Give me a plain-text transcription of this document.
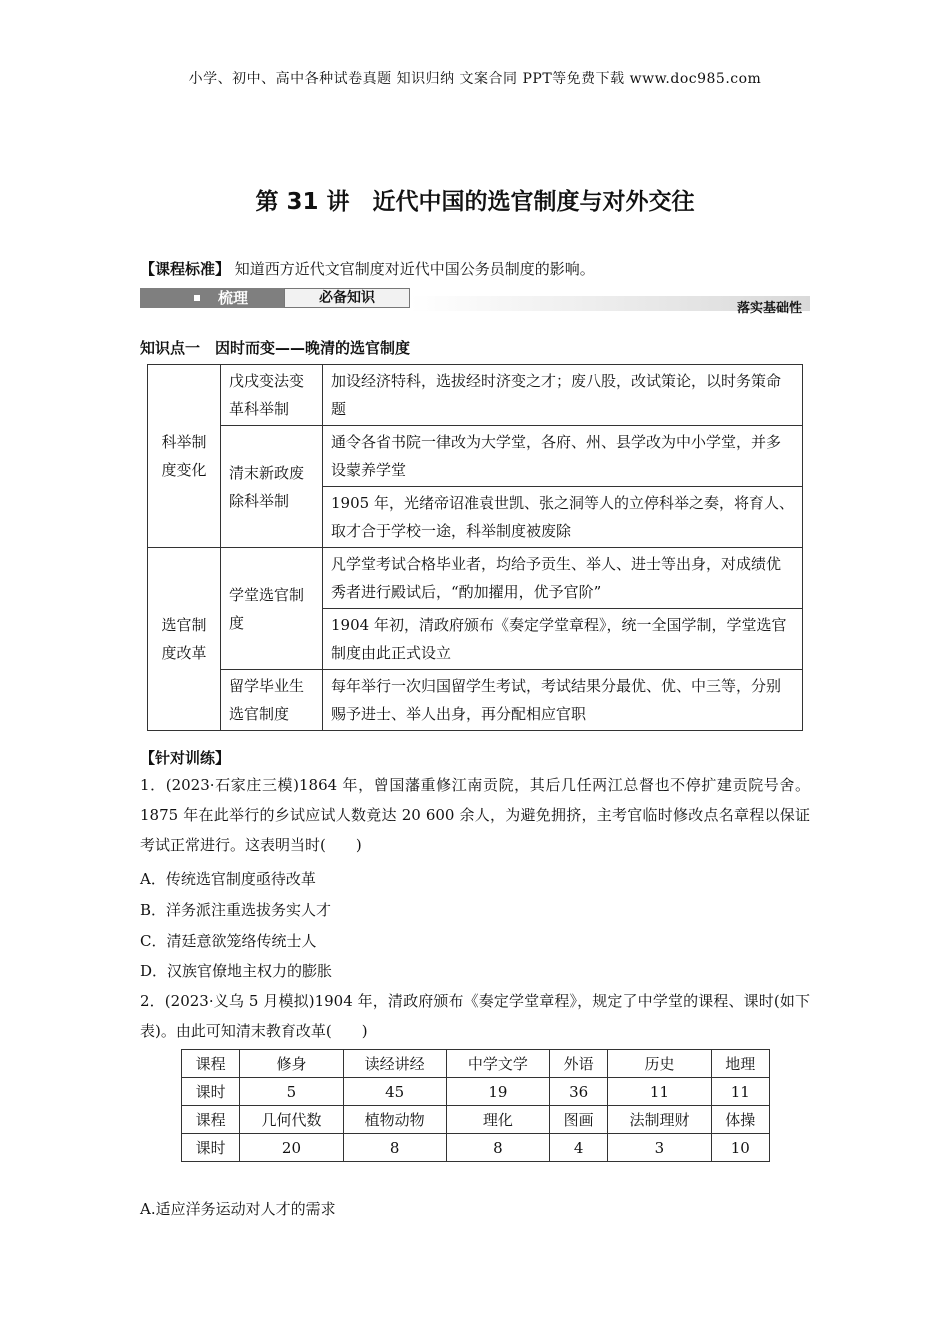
小学、初中、高中各种试卷真题 知识归纳 文案合同 PPT等免费下载 www.doc985.com
第 31 讲　近代中国的选官制度与对外交往
【课程标准】 知道西方近代文官制度对近代中国公务员制度的影响。
梳理	必备知识
落实基础性
知识点一　因时而变——晚清的选官制度
科举制度变化	戊戌变法变革科举制	加设经济特科，选拔经时济变之才；废八股，改试策论，以时务策命题
	清末新政废除科举制	通令各省书院一律改为大学堂，各府、州、县学改为中小学堂，并多设蒙养学堂
		1905 年，光绪帝诏准袁世凯、张之洞等人的立停科举之奏，将育人、取才合于学校一途，科举制度被废除
选官制度改革	学堂选官制度	凡学堂考试合格毕业者，均给予贡生、举人、进士等出身，对成绩优秀者进行殿试后，“酌加擢用，优予官阶”
		1904 年初，清政府颁布《奏定学堂章程》，统一全国学制，学堂选官制度由此正式设立
	留学毕业生选官制度	每年举行一次归国留学生考试，考试结果分最优、优、中三等，分别赐予进士、举人出身，再分配相应官职
【针对训练】
1．(2023·石家庄三模)1864 年，曾国藩重修江南贡院，其后几任两江总督也不停扩建贡院号舍。1875 年在此举行的乡试应试人数竟达 20 600 余人，为避免拥挤，主考官临时修改点名章程以保证考试正常进行。这表明当时(　　)
A．传统选官制度亟待改革
B．洋务派注重选拔务实人才
C．清廷意欲笼络传统士人
D．汉族官僚地主权力的膨胀
2．(2023·义乌 5 月模拟)1904 年，清政府颁布《奏定学堂章程》，规定了中学堂的课程、课时(如下表)。由此可知清末教育改革(　　)
课程	修身	读经讲经	中学文学	外语	历史	地理
课时	5	45	19	36	11	11
课程	几何代数	植物动物	理化	图画	法制理财	体操
课时	20	8	8	4	3	10
A.适应洋务运动对人才的需求
